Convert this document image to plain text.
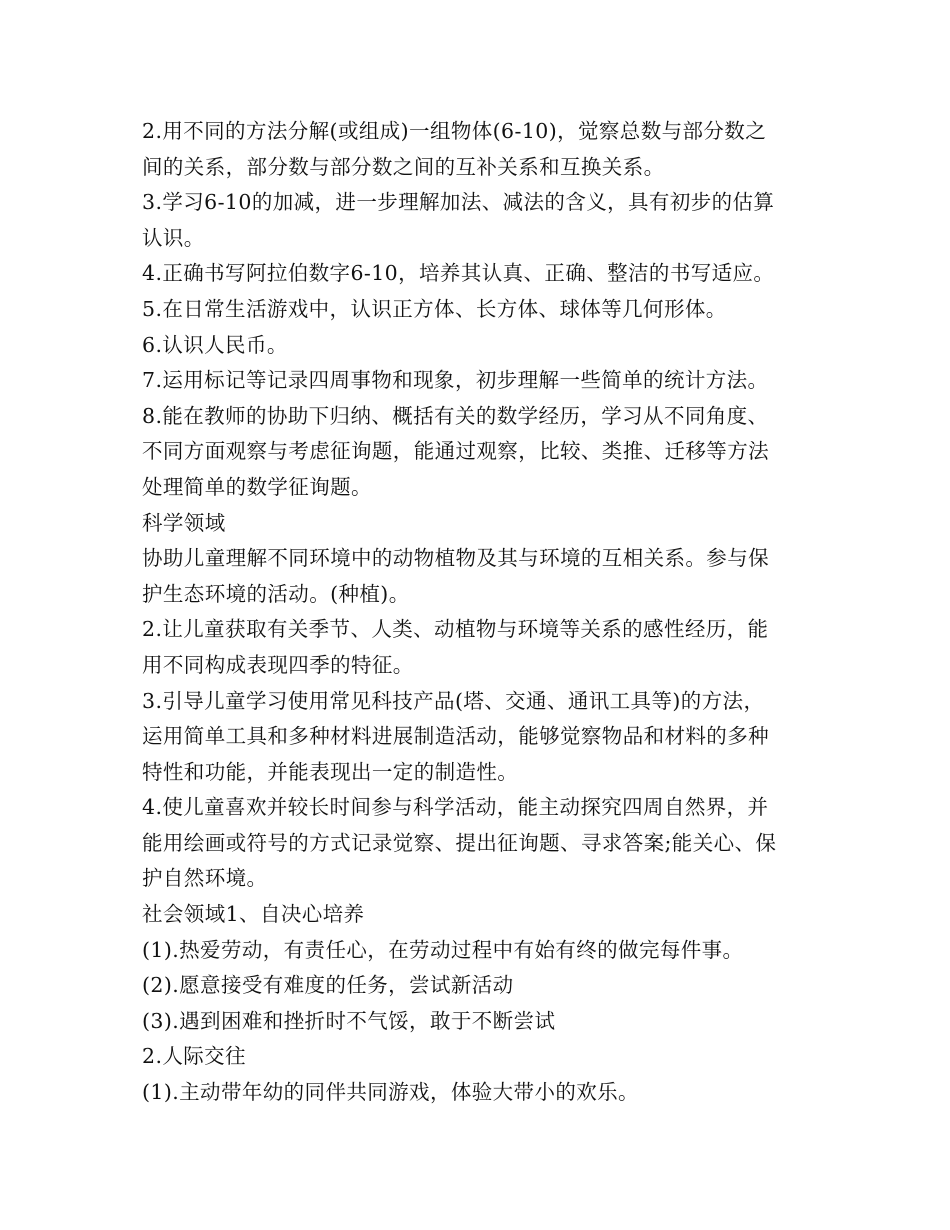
2.用不同的方法分解(或组成)一组物体(6-10)，觉察总数与部分数之
间的关系，部分数与部分数之间的互补关系和互换关系。
3.学习6-10的加减，进一步理解加法、减法的含义，具有初步的估算
认识。
4.正确书写阿拉伯数字6-10，培养其认真、正确、整洁的书写适应。
5.在日常生活游戏中，认识正方体、长方体、球体等几何形体。
6.认识人民币。
7.运用标记等记录四周事物和现象，初步理解一些简单的统计方法。
8.能在教师的协助下归纳、概括有关的数学经历，学习从不同角度、
不同方面观察与考虑征询题，能通过观察，比较、类推、迁移等方法
处理简单的数学征询题。
科学领域
协助儿童理解不同环境中的动物植物及其与环境的互相关系。参与保
护生态环境的活动。(种植)。
2.让儿童获取有关季节、人类、动植物与环境等关系的感性经历，能
用不同构成表现四季的特征。
3.引导儿童学习使用常见科技产品(塔、交通、通讯工具等)的方法，
运用简单工具和多种材料进展制造活动，能够觉察物品和材料的多种
特性和功能，并能表现出一定的制造性。
4.使儿童喜欢并较长时间参与科学活动，能主动探究四周自然界，并
能用绘画或符号的方式记录觉察、提出征询题、寻求答案;能关心、保
护自然环境。
社会领域1、自决心培养
(1).热爱劳动，有责任心，在劳动过程中有始有终的做完每件事。
(2).愿意接受有难度的任务，尝试新活动
(3).遇到困难和挫折时不气馁，敢于不断尝试
2.人际交往
(1).主动带年幼的同伴共同游戏，体验大带小的欢乐。
